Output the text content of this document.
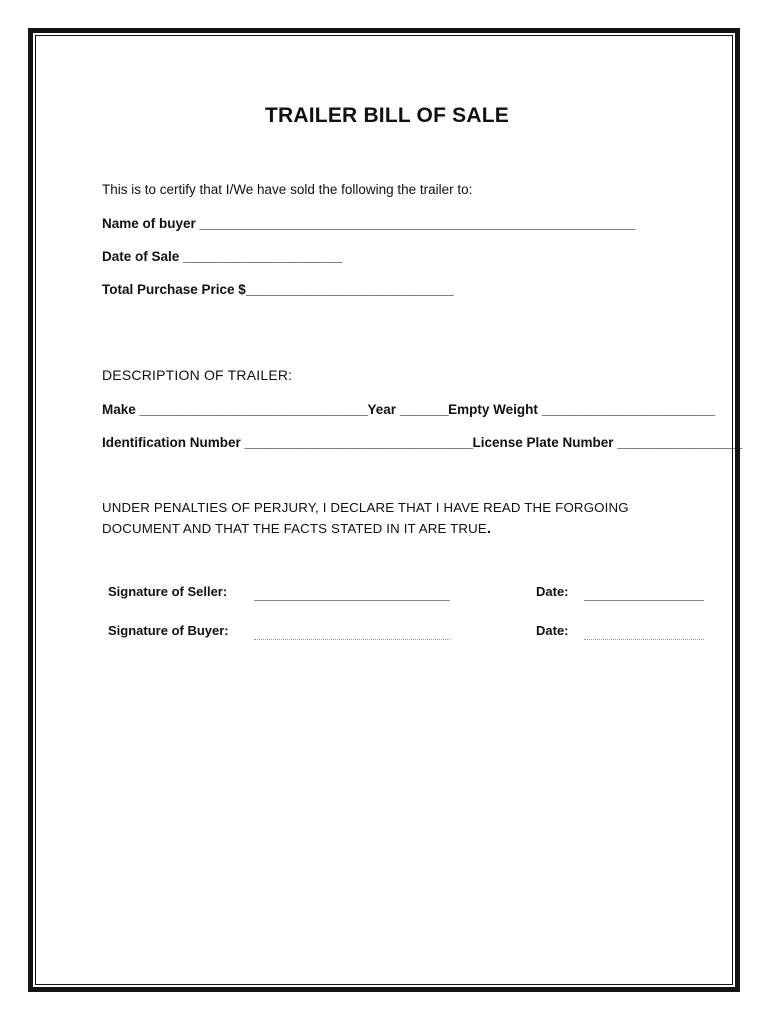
TRAILER BILL OF SALE
This is to certify that I/We have sold the following the trailer to:
Name of buyer _______________________________________________________________
Date of Sale _______________________
Total Purchase Price $______________________________
DESCRIPTION OF TRAILER:
Make _________________________________Year _______Empty Weight _________________________
Identification Number _________________________________License Plate Number __________________
UNDER PENALTIES OF PERJURY, I DECLARE THAT I HAVE READ THE FORGOING DOCUMENT AND THAT THE FACTS STATED IN IT ARE TRUE.
Signature of Seller:	Date:
Signature of Buyer:	Date:
